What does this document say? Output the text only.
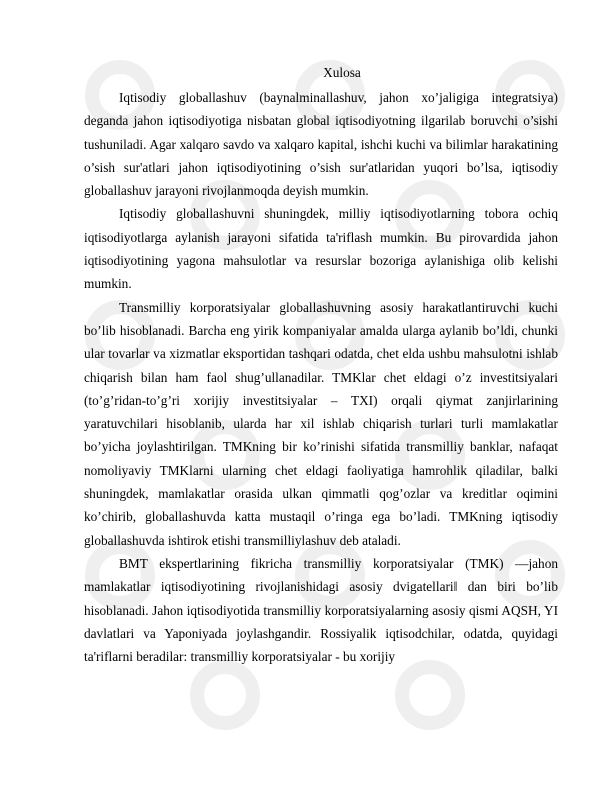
Xulosa

Iqtisodiy globallashuv (baynalminallashuv, jahon xo’jaligiga integratsiya) deganda jahon iqtisodiyotiga nisbatan global iqtisodiyotning ilgarilab boruvchi o’sishi tushuniladi. Agar xalqaro savdo va xalqaro kapital, ishchi kuchi va bilimlar harakatining o’sish sur'atlari jahon iqtisodiyotining o’sish sur'atlaridan yuqori bo’lsa, iqtisodiy globallashuv jarayoni rivojlanmoqda deyish mumkin.

Iqtisodiy globallashuvni shuningdek, milliy iqtisodiyotlarning tobora ochiq iqtisodiyotlarga aylanish jarayoni sifatida ta'riflash mumkin. Bu pirovardida jahon iqtisodiyotining yagona mahsulotlar va resurslar bozoriga aylanishiga olib kelishi mumkin.

Transmilliy korporatsiyalar globallashuvning asosiy harakatlantiruvchi kuchi bo’lib hisoblanadi. Barcha eng yirik kompaniyalar amalda ularga aylanib bo’ldi, chunki ular tovarlar va xizmatlar eksportidan tashqari odatda, chet elda ushbu mahsulotni ishlab chiqarish bilan ham faol shug’ullanadilar. TMKlar chet eldagi o’z investitsiyalari (to’g’ridan-to’g’ri xorijiy investitsiyalar – TXI) orqali qiymat zanjirlarining yaratuvchilari hisoblanib, ularda har xil ishlab chiqarish turlari turli mamlakatlar bo’yicha joylashtirilgan. TMKning bir ko’rinishi sifatida transmilliy banklar, nafaqat nomoliyaviy TMKlarni ularning chet eldagi faoliyatiga hamrohlik qiladilar, balki shuningdek, mamlakatlar orasida ulkan qimmatli qog’ozlar va kreditlar oqimini ko’chirib, globallashuvda katta mustaqil o’ringa ega bo’ladi. TMKning iqtisodiy globallashuvda ishtirok etishi transmilliylashuv deb ataladi.

BMT ekspertlarining fikricha transmilliy korporatsiyalar (TMK) ―jahon mamlakatlar iqtisodiyotining rivojlanishidagi asosiy dvigatellari‖ dan biri bo’lib hisoblanadi. Jahon iqtisodiyotida transmilliy korporatsiyalarning asosiy qismi AQSH, YI davlatlari va Yaponiyada joylashgandir. Rossiyalik iqtisodchilar, odatda, quyidagi ta'riflarni beradilar: transmilliy korporatsiyalar - bu xorijiy
